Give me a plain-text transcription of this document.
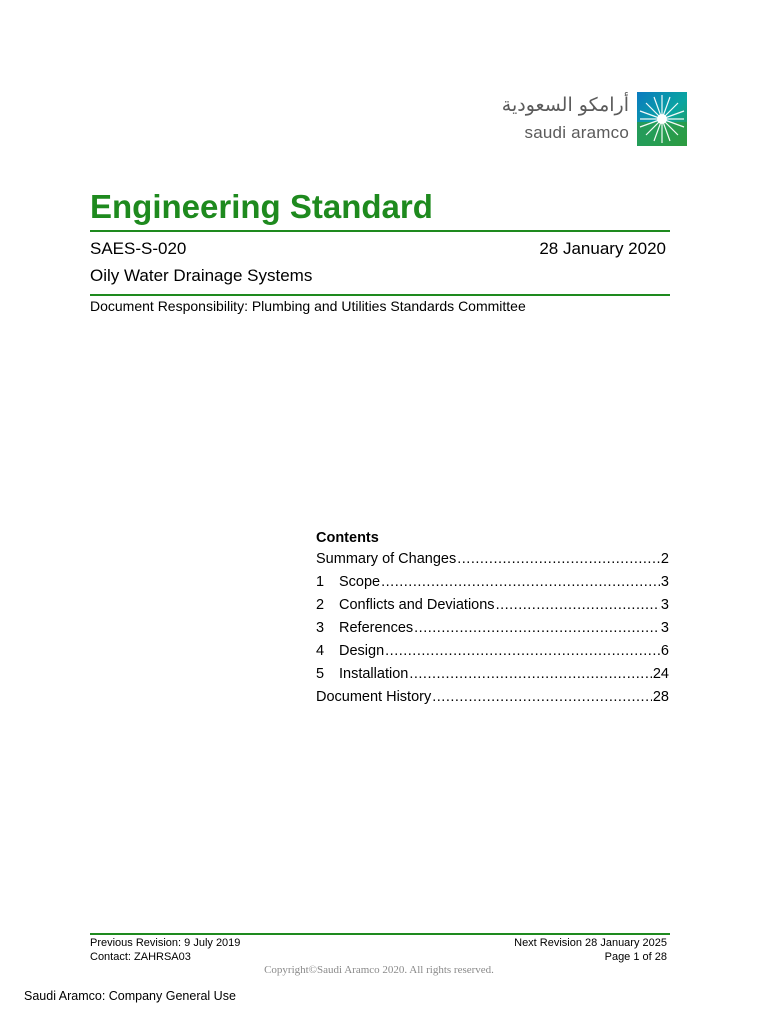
أرامكو السعودية
saudi aramco
Engineering Standard
SAES-S-020	28 January 2020
Oily Water Drainage Systems
Document Responsibility: Plumbing and Utilities Standards Committee
Contents
Summary of Changes .....	2
1	Scope .....	3
2	Conflicts and Deviations .....	3
3	References .....	3
4	Design .....	6
5	Installation .....	24
Document History .....	28
Previous Revision: 9 July 2019
Contact: ZAHRSA03
Next Revision 28 January 2025
Page 1 of 28
Copyright©Saudi Aramco 2020. All rights reserved.
Saudi Aramco: Company General Use
